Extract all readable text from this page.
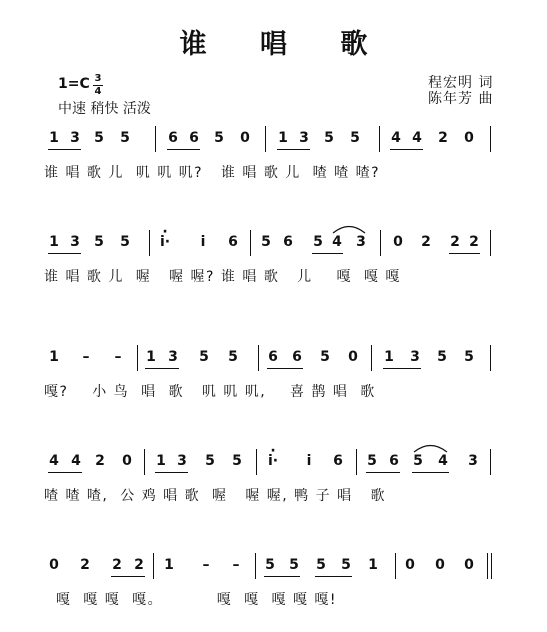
谁 唱 歌
1=C 3
4
中速 稍快 活泼
程宏明 词
陈年芳 曲
1 3 5 5	6 6 5 0 1 3 5 5 4 4 2 0
谁 唱 歌 儿  叽 叽 叽?   谁 唱 歌 儿  喳 喳 喳?
1 3 5 5 · i·	i	6 5 6 5 4 3 0 2 2 2
谁 唱 歌 儿  喔   喔 喔? 谁 唱 歌   儿    嘎  嘎 嘎
1 – – 1 3 5 5 6 6 5 0 1 3 5 5
嘎?    小 鸟  唱  歌   叽 叽 叽,    喜 鹊 唱  歌
4 4 2 0 1 3 5 5 · i·	i	6 5 6 5 4 3
喳 喳 喳,  公 鸡 唱 歌  喔   喔 喔, 鸭 子 唱   歌
0 2 2 2 1 – – 5 5 5 5 1 0 0 0
嘎  嘎 嘎  嘎。         嘎  嘎  嘎 嘎 嘎!
